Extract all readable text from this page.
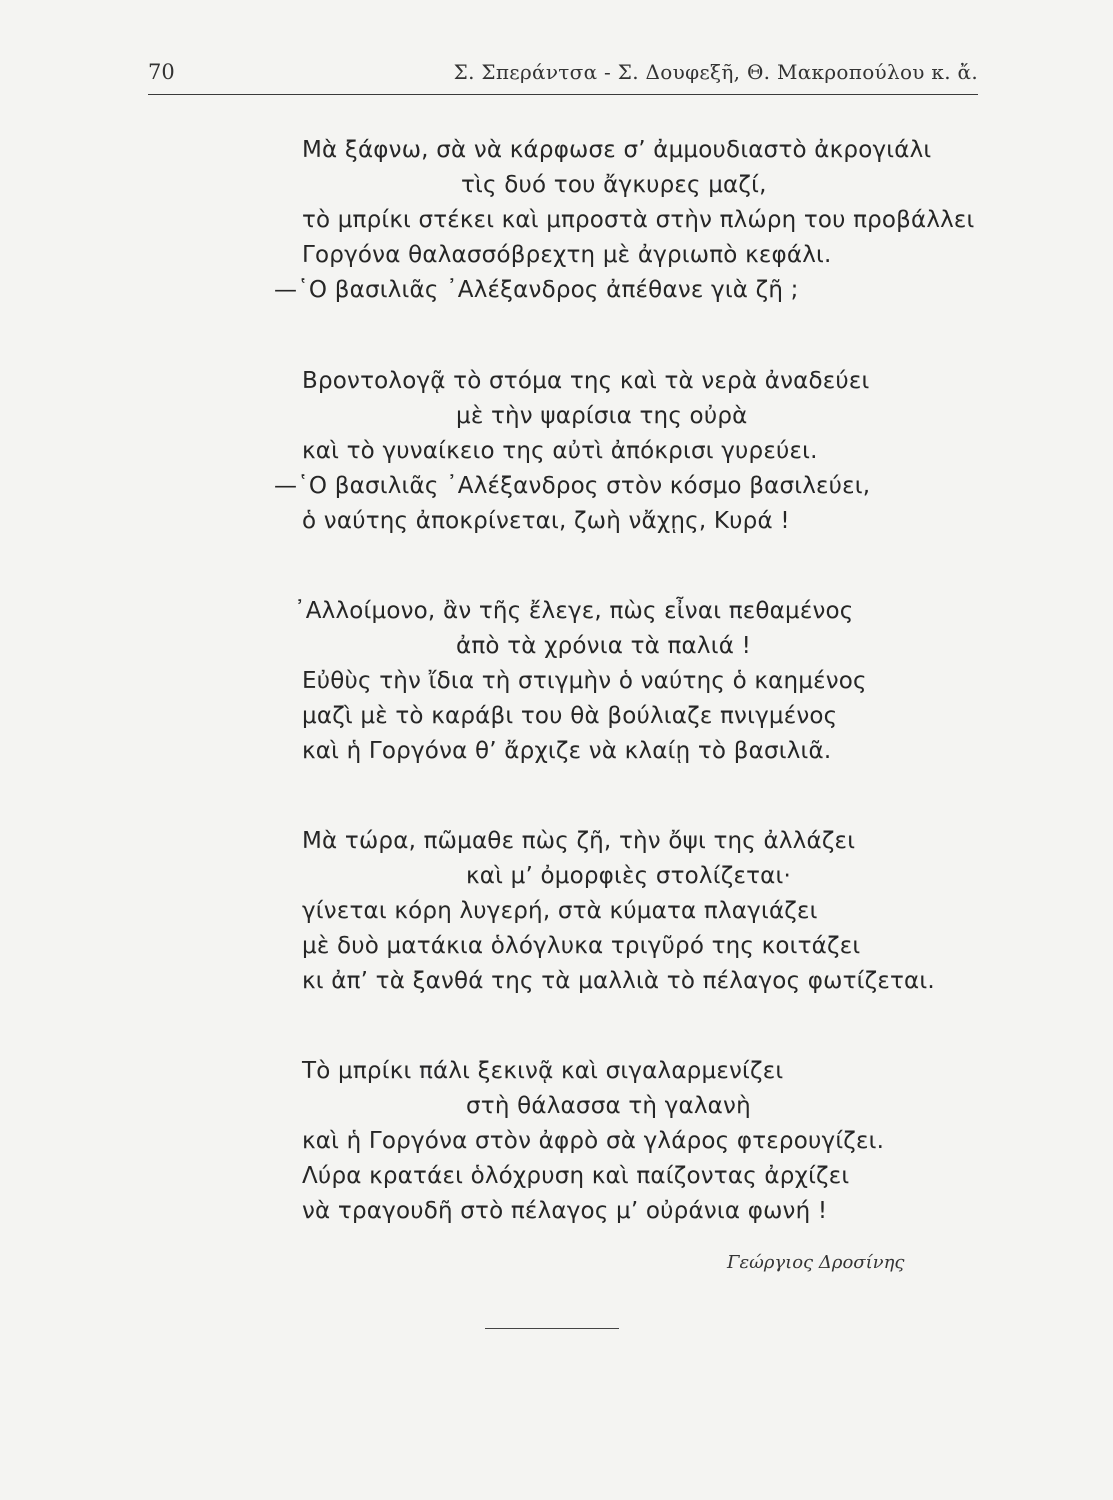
70	Σ. Σπεράντσα - Σ. Δουφεξῆ, Θ. Μακροπούλου κ. ἄ.
Μὰ ξάφνω, σὰ νὰ κάρφωσε σ’ ἀμμουδιαστὸ ἀκρογιάλι
τὶς δυό του ἄγκυρες μαζί,
τὸ μπρίκι στέκει καὶ μπροστὰ στὴν πλώρη του προβάλλει
Γοργόνα θαλασσόβρεχτη μὲ ἀγριωπὸ κεφάλι.
—῾Ο βασιλιᾶς ᾿Αλέξανδρος ἀπέθανε γιὰ ζῆ ;
Βροντολογᾷ τὸ στόμα της καὶ τὰ νερὰ ἀναδεύει
μὲ τὴν ψαρίσια της οὐρὰ
καὶ τὸ γυναίκειο της αὐτὶ ἀπόκρισι γυρεύει.
—῾Ο βασιλιᾶς ᾿Αλέξανδρος στὸν κόσμο βασιλεύει,
ὁ ναύτης ἀποκρίνεται, ζωὴ νἄχῃς, Κυρά !
᾿Αλλοίμονο, ἂν τῆς ἔλεγε, πὼς εἶναι πεθαμένος
ἀπὸ τὰ χρόνια τὰ παλιά !
Εὐθὺς τὴν ἴδια τὴ στιγμὴν ὁ ναύτης ὁ καημένος
μαζὶ μὲ τὸ καράβι του θὰ βούλιαζε πνιγμένος
καὶ ἡ Γοργόνα θ’ ἄρχιζε νὰ κλαίῃ τὸ βασιλιᾶ.
Μὰ τώρα, πῶμαθε πὼς ζῆ, τὴν ὄψι της ἀλλάζει
καὶ μ’ ὀμορφιὲς στολίζεται·
γίνεται κόρη λυγερή, στὰ κύματα πλαγιάζει
μὲ δυὸ ματάκια ὁλόγλυκα τριγῦρό της κοιτάζει
κι ἀπ’ τὰ ξανθά της τὰ μαλλιὰ τὸ πέλαγος φωτίζεται.
Τὸ μπρίκι πάλι ξεκινᾷ καὶ σιγαλαρμενίζει
στὴ θάλασσα τὴ γαλανὴ
καὶ ἡ Γοργόνα στὸν ἀφρὸ σὰ γλάρος φτερουγίζει.
Λύρα κρατάει ὁλόχρυση καὶ παίζοντας ἀρχίζει
νὰ τραγουδῆ στὸ πέλαγος μ’ οὐράνια φωνή !
Γεώργιος Δροσίνης
